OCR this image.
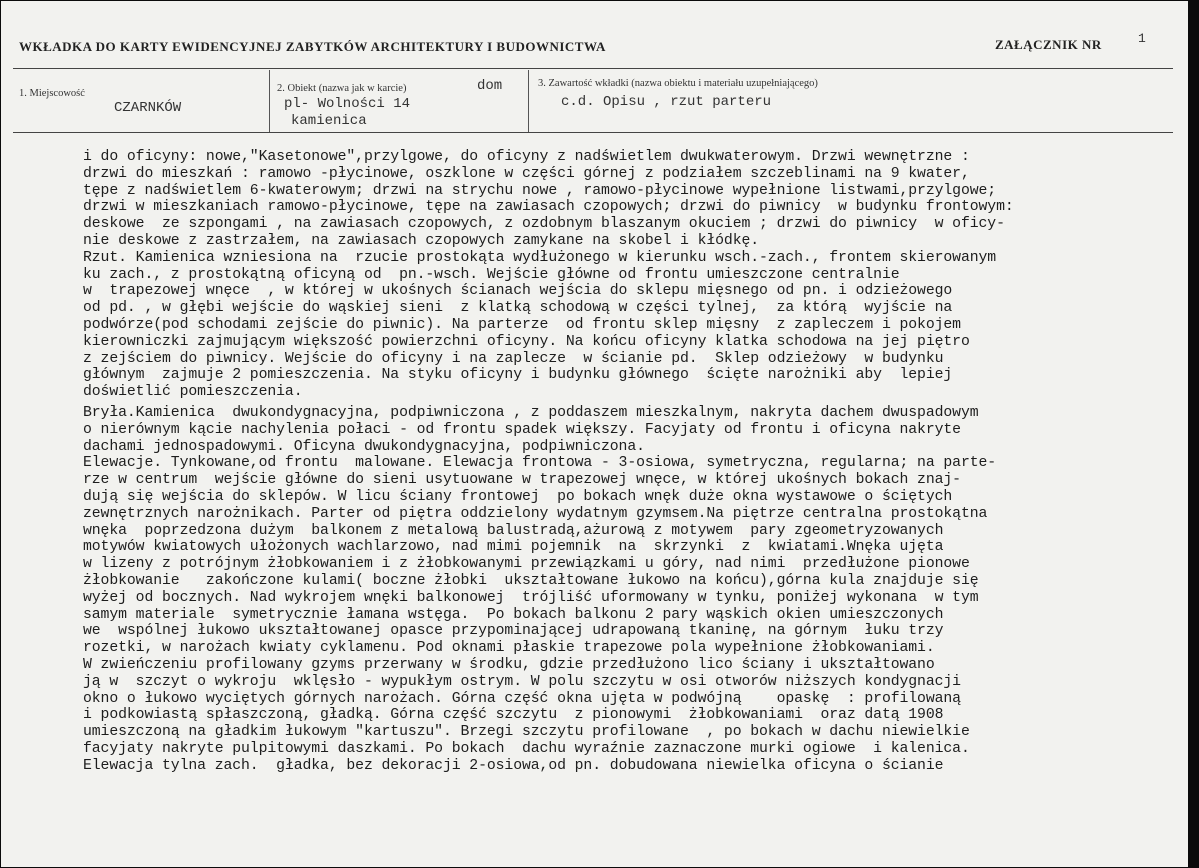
WKŁADKA DO KARTY EWIDENCYJNEJ ZABYTKÓW ARCHITEKTURY I BUDOWNICTWA	ZAŁĄCZNIK NR	1
1. Miejscowość
CZARNKÓW
2. Obiekt (nazwa jak w karcie)	dom
pl- Wolności 14
kamienica
3. Zawartość wkładki (nazwa obiektu i materiału uzupełniającego)
c.d. Opisu , rzut parteru
i do oficyny: nowe,"Kasetonowe",przylgowe, do oficyny z nadświetlem dwukwaterowym. Drzwi wewnętrzne :
drzwi do mieszkań : ramowo -płycinowe, oszklone w części górnej z podziałem szczeblinami na 9 kwater,
tępe z nadświetlem 6-kwaterowym; drzwi na strychu nowe , ramowo-płycinowe wypełnione listwami,przylgowe;
drzwi w mieszkaniach ramowo-płycinowe, tępe na zawiasach czopowych; drzwi do piwnicy  w budynku frontowym:
deskowe  ze szpongami , na zawiasach czopowych, z ozdobnym blaszanym okuciem ; drzwi do piwnicy  w oficy-
nie deskowe z zastrzałem, na zawiasach czopowych zamykane na skobel i kłódkę.
Rzut. Kamienica wzniesiona na  rzucie prostokąta wydłużonego w kierunku wsch.-zach., frontem skierowanym
ku zach., z prostokątną oficyną od  pn.-wsch. Wejście główne od frontu umieszczone centralnie
w  trapezowej wnęce  , w której w ukośnych ścianach wejścia do sklepu mięsnego od pn. i odzieżowego
od pd. , w głębi wejście do wąskiej sieni  z klatką schodową w części tylnej,  za którą  wyjście na
podwórze(pod schodami zejście do piwnic). Na parterze  od frontu sklep mięsny  z zapleczem i pokojem
kierowniczki zajmującym większość powierzchni oficyny. Na końcu oficyny klatka schodowa na jej piętro
z zejściem do piwnicy. Wejście do oficyny i na zaplecze  w ścianie pd.  Sklep odzieżowy  w budynku
głównym  zajmuje 2 pomieszczenia. Na styku oficyny i budynku głównego  ścięte narożniki aby  lepiej
doświetlić pomieszczenia.
Bryła.Kamienica  dwukondygnacyjna, podpiwniczona , z poddaszem mieszkalnym, nakryta dachem dwuspadowym
o nierównym kącie nachylenia połaci - od frontu spadek większy. Facyjaty od frontu i oficyna nakryte
dachami jednospadowymi. Oficyna dwukondygnacyjna, podpiwniczona.
Elewacje. Tynkowane,od frontu  malowane. Elewacja frontowa - 3-osiowa, symetryczna, regularna; na parte-
rze w centrum  wejście główne do sieni usytuowane w trapezowej wnęce, w której ukośnych bokach znaj-
dują się wejścia do sklepów. W licu ściany frontowej  po bokach wnęk duże okna wystawowe o ściętych
zewnętrznych narożnikach. Parter od piętra oddzielony wydatnym gzymsem.Na piętrze centralna prostokątna
wnęka  poprzedzona dużym  balkonem z metalową balustradą,ażurową z motywem  pary zgeometryzowanych
motywów kwiatowych ułożonych wachlarzowo, nad mimi pojemnik  na  skrzynki  z  kwiatami.Wnęka ujęta
w lizeny z potrójnym żłobkowaniem i z żłobkowanymi przewiązkami u góry, nad nimi  przedłużone pionowe
żłobkowanie   zakończone kulami( boczne żłobki  ukształtowane łukowo na końcu),górna kula znajduje się
wyżej od bocznych. Nad wykrojem wnęki balkonowej  trójliść uformowany w tynku, poniżej wykonana  w tym
samym materiale  symetrycznie łamana wstęga.  Po bokach balkonu 2 pary wąskich okien umieszczonych
we  wspólnej łukowo ukształtowanej opasce przypominającej udrapowaną tkaninę, na górnym  łuku trzy
rozetki, w narożach kwiaty cyklamenu. Pod oknami płaskie trapezowe pola wypełnione żłobkowaniami.
W zwieńczeniu profilowany gzyms przerwany w środku, gdzie przedłużono lico ściany i ukształtowano
ją w  szczyt o wykroju  wklęsło - wypukłym ostrym. W polu szczytu w osi otworów niższych kondygnacji
okno o łukowo wyciętych górnych narożach. Górna część okna ujęta w podwójną    opaskę  : profilowaną
i podkowiastą spłaszczoną, gładką. Górna część szczytu  z pionowymi  żłobkowaniami  oraz datą 1908
umieszczoną na gładkim łukowym "kartuszu". Brzegi szczytu profilowane  , po bokach w dachu niewielkie
facyjaty nakryte pulpitowymi daszkami. Po bokach  dachu wyraźnie zaznaczone murki ogiowe  i kalenica.
Elewacja tylna zach.  gładka, bez dekoracji 2-osiowa,od pn. dobudowana niewielka oficyna o ścianie
